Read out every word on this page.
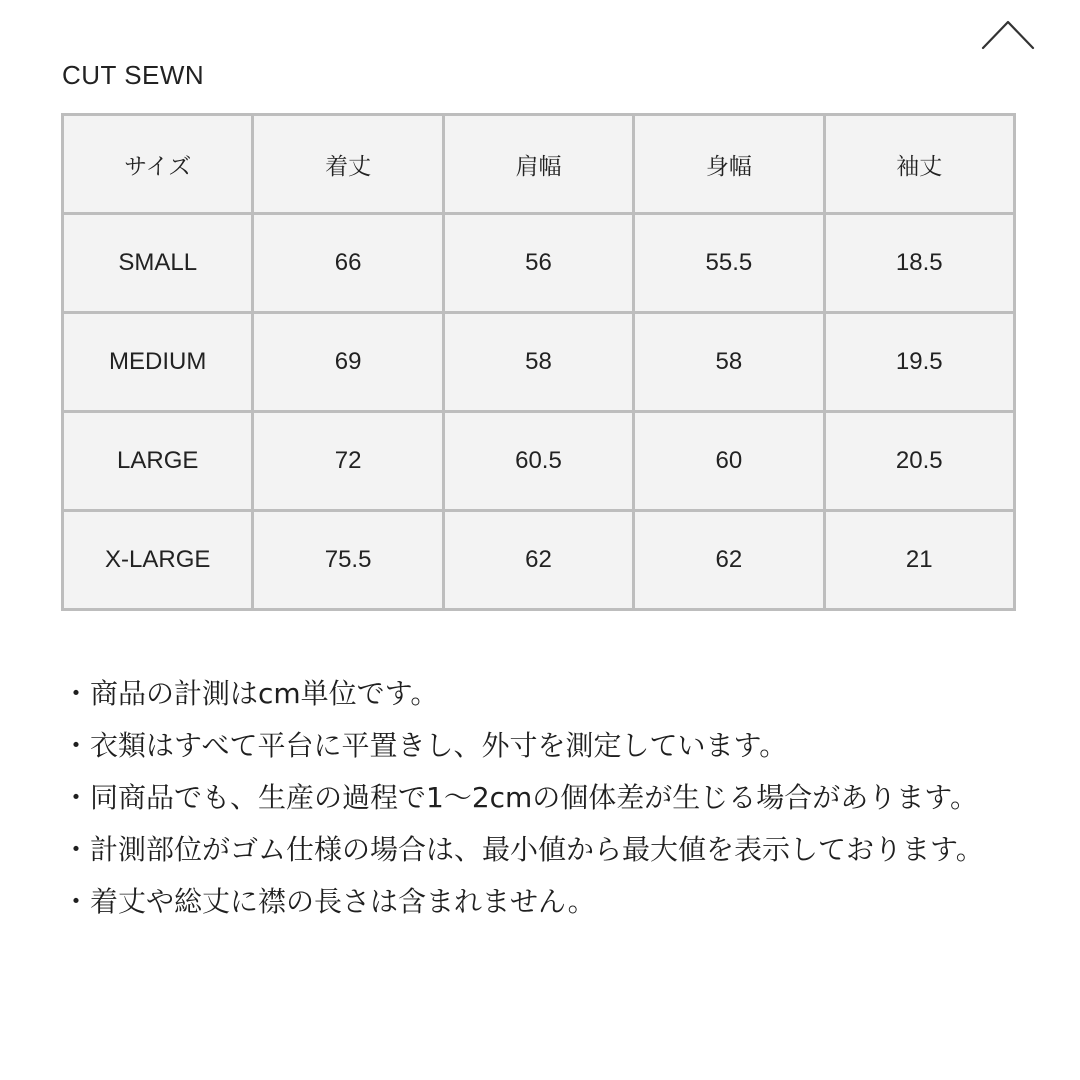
CUT SEWN
サイズ	着丈	肩幅	身幅	袖丈
SMALL	66	56	55.5	18.5
MEDIUM	69	58	58	19.5
LARGE	72	60.5	60	20.5
X-LARGE	75.5	62	62	21
・商品の計測はcm単位です。
・衣類はすべて平台に平置きし、外寸を測定しています。
・同商品でも、生産の過程で1〜2cmの個体差が生じる場合があります。
・計測部位がゴム仕様の場合は、最小値から最大値を表示しております。
・着丈や総丈に襟の長さは含まれません。
